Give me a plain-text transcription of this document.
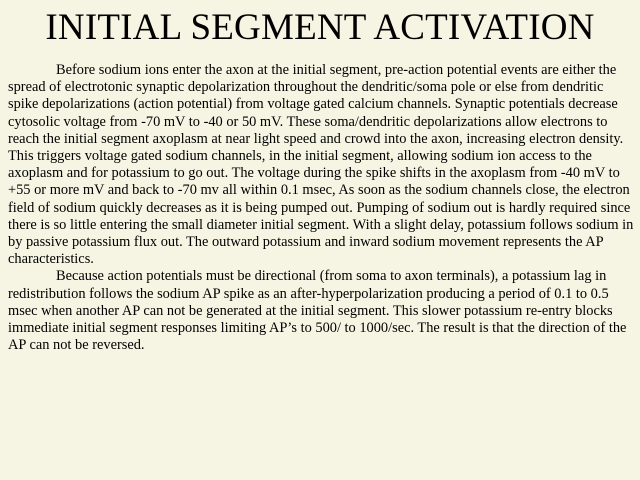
INITIAL SEGMENT ACTIVATION

Before sodium ions enter the axon at the initial segment, pre-action potential events are either the spread of electrotonic synaptic depolarization throughout the dendritic/soma pole or else from dendritic spike depolarizations (action potential) from voltage gated calcium channels. Synaptic potentials decrease cytosolic voltage from -70 mV to -40 or 50 mV. These soma/dendritic depolarizations allow electrons to reach the initial segment axoplasm at near light speed and crowd into the axon, increasing electron density. This triggers voltage gated sodium channels, in the initial segment, allowing sodium ion access to the axoplasm and for potassium to go out. The voltage during the spike shifts in the axoplasm from -40 mV to +55 or more mV and back to -70 mv all within 0.1 msec, As soon as the sodium channels close, the electron field of sodium quickly decreases as it is being pumped out. Pumping of sodium out is hardly required since there is so little entering the small diameter initial segment. With a slight delay, potassium follows sodium in by passive potassium flux out. The outward potassium and inward sodium movement represents the AP characteristics.

Because action potentials must be directional (from soma to axon terminals), a potassium lag in redistribution follows the sodium AP spike as an after-hyperpolarization producing a period of 0.1 to 0.5 msec when another AP can not be generated at the initial segment. This slower potassium re-entry blocks immediate initial segment responses limiting AP’s to 500/ to 1000/sec. The result is that the direction of the AP can not be reversed.
